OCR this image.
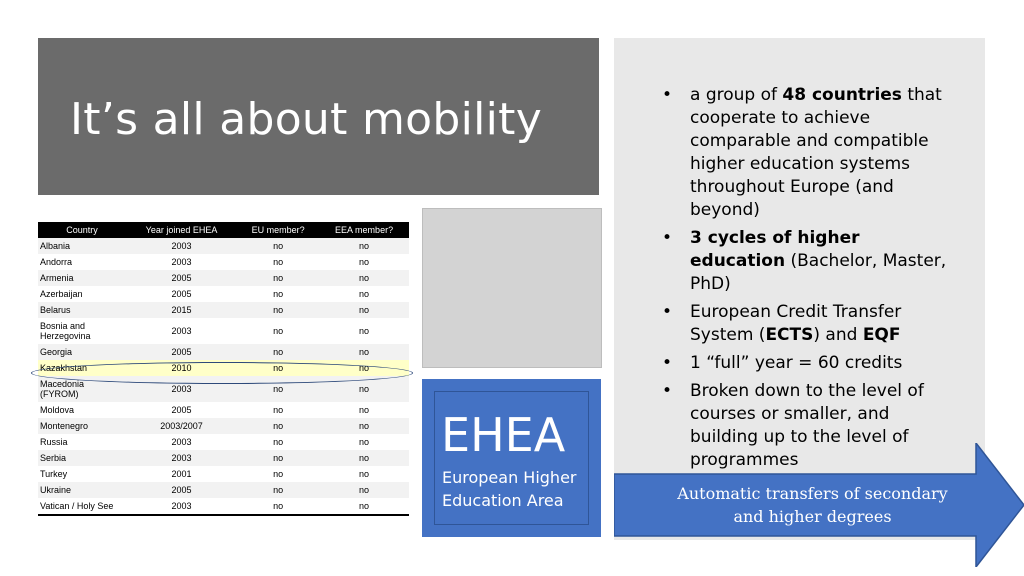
It’s all about mobility	• a group of 48 countries that cooperate to achieve comparable and compatible higher education systems throughout Europe (and beyond)
• 3 cycles of higher education (Bachelor, Master, PhD)
• European Credit Transfer System (ECTS) and EQF
• 1 “full” year = 60 credits
• Broken down to the level of courses or smaller, and building up to the level of programmes
EHEA
European Higher Education Area	Automatic transfers of secondary and higher degrees
Country	Year joined EHEA	EU member?	EEA member?
Albania	2003	no	no
Andorra	2003	no	no
Armenia	2005	no	no
Azerbaijan	2005	no	no
Belarus	2015	no	no
Bosnia and Herzegovina	2003	no	no
Georgia	2005	no	no
Kazakhstan	2010	no	no
Macedonia (FYROM)	2003	no	no
Moldova	2005	no	no
Montenegro	2003/2007	no	no
Russia	2003	no	no
Serbia	2003	no	no
Turkey	2001	no	no
Ukraine	2005	no	no
Vatican / Holy See	2003	no	no
